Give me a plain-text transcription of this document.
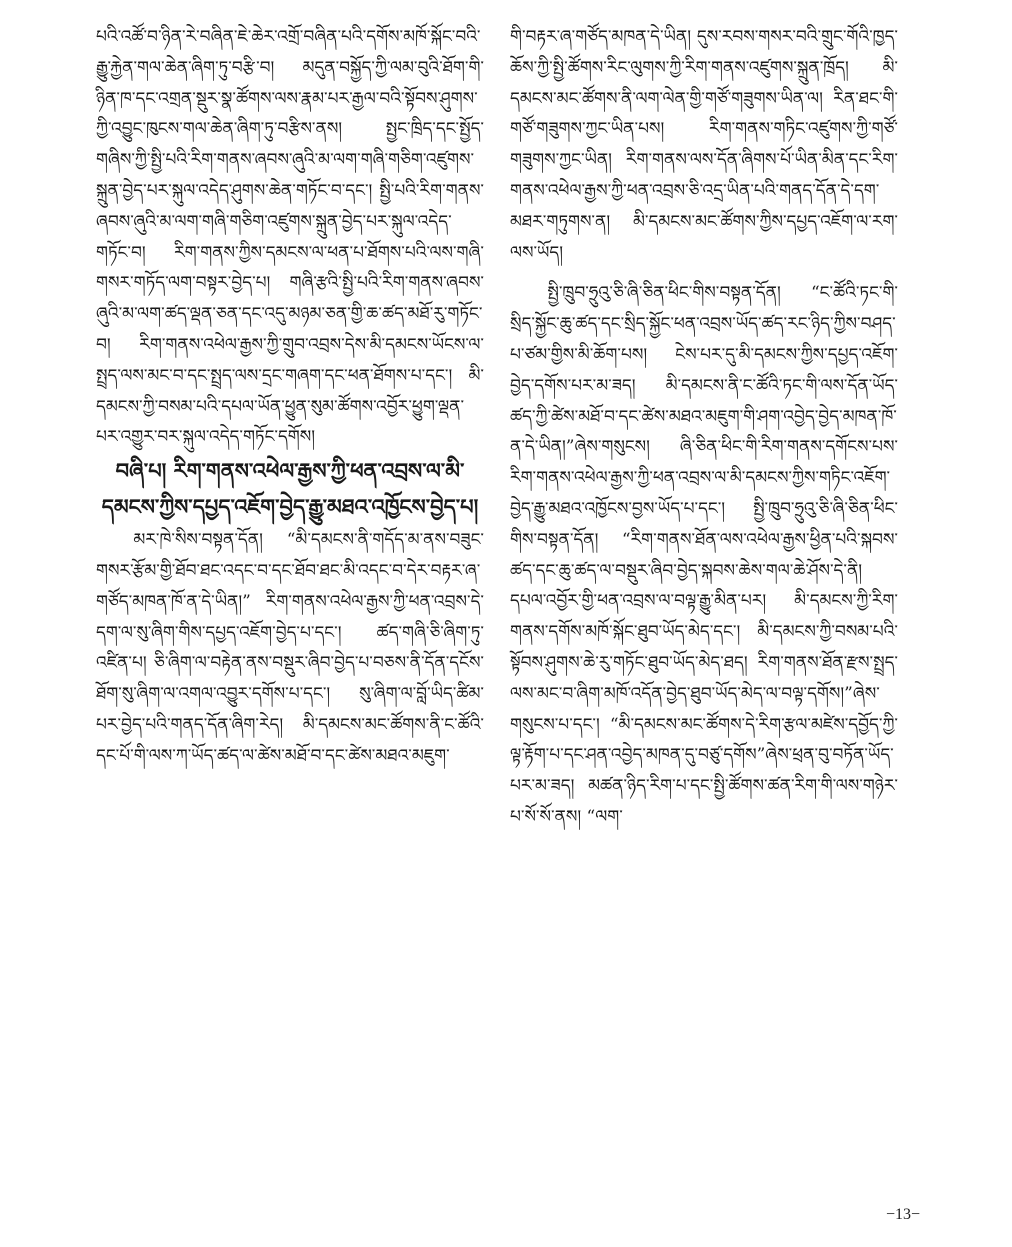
པའི་འཚོ་བ་ཉིན་རེ་བཞིན་ཇེ་ཆེར་འགྲོ་བཞིན་པའི་དགོས་མཁོ་སྐོང་བའི་རྒྱུ་རྐྱེན་གལ་ཆེན་ཞིག་ཏུ་བརྩི་བ། མདུན་བསྐྱོད་ཀྱི་ལམ་བུའི་ཐོག་གི་ཉིན་ཁ་དང་འགྲན་སྡུར་སྣ་ཚོགས་ལས་རྣམ་པར་རྒྱལ་བའི་སྟོབས་ཤུགས་ཀྱི་འབྱུང་ཁུངས་གལ་ཆེན་ཞིག་ཏུ་བརྩིས་ནས། སྤྱང་ཁྲིད་དང་སྤྱོད་གཞིས་ཀྱི་སྤྱི་པའི་རིག་གནས་ཞབས་ཞུའི་མ་ལག་གཞི་གཅིག་འཛུགས་སྐྲུན་བྱེད་པར་སྐུལ་འདེད་ཤུགས་ཆེན་གཏོང་བ་དང་། སྤྱི་པའི་རིག་གནས་ཞབས་ཞུའི་མ་ལག་གཞི་གཅིག་འཛུགས་སྐྲུན་བྱེད་པར་སྐུལ་འདེད་གཏོང་བ། རིག་གནས་ཀྱིས་དམངས་ལ་ཕན་པ་ཐོགས་པའི་ལས་གཞི་གསར་གཏོད་ལག་བསྟར་བྱེད་པ། གཞི་རྩའི་སྤྱི་པའི་རིག་གནས་ཞབས་ཞུའི་མ་ལག་ཚད་ལྡན་ཅན་དང་འདུ་མཉམ་ཅན་གྱི་ཆ་ཚད་མཐོ་རུ་གཏོང་བ། རིག་གནས་འཕེལ་རྒྱས་ཀྱི་གྲུབ་འབྲས་དེས་མི་དམངས་ཡོངས་ལ་སྤྲད་ལས་མང་བ་དང་སྤྲད་ལས་དྲང་གཞག་དང་ཕན་ཐོགས་པ་དང་། མི་དམངས་ཀྱི་བསམ་པའི་དཔལ་ཡོན་ཕྱུན་སུམ་ཚོགས་འབྱོར་ཕྱུག་ལྡན་པར་འགྱུར་བར་སྐུལ་འདེད་གཏོང་དགོས།

བཞི་པ། རིག་གནས་འཕེལ་རྒྱས་ཀྱི་ཕན་འབྲས་ལ་མི་དམངས་ཀྱིས་དཔྱད་འཇོག་བྱེད་རྒྱུ་མཐའ་འཁྱོངས་བྱེད་པ།

མར་ཁེ་སིས་བསྟན་དོན། “མི་དམངས་ནི་གདོད་མ་ནས་བཟུང་གསར་རྩོམ་གྱི་ཐོབ་ཐང་འདང་བ་དང་ཐོབ་ཐང་མི་འདང་བ་དེར་བརྟར་ཞ་གཙོད་མཁན་ཁོ་ན་དེ་ཡིན།” རིག་གནས་འཕེལ་རྒྱས་ཀྱི་ཕན་འབྲས་དེ་དག་ལ་སུ་ཞིག་གིས་དཔྱད་འཇོག་བྱེད་པ་དང་། ཚད་གཞི་ཅི་ཞིག་ཏུ་འཛིན་པ། ཅི་ཞིག་ལ་བརྟེན་ནས་བསྡུར་ཞིབ་བྱེད་པ་བཅས་ནི་དོན་དངོས་ཐོག་སུ་ཞིག་ལ་འགལ་འབྱུར་དགོས་པ་དང་། སུ་ཞིག་ལ་བློ་ཡིད་ཚིམ་པར་བྱེད་པའི་གནད་དོན་ཞིག་རེད། མི་དམངས་མང་ཚོགས་ནི་ང་ཚོའི་དང་པོ་གི་ལས་ཀ་ཡོད་ཚད་ལ་ཚེས་མཐོ་བ་དང་ཚེས་མཐའ་མཇུག་

གི་བརྟར་ཞ་གཙོད་མཁན་དེ་ཡིན། དུས་རབས་གསར་བའི་གྲུང་གོའི་ཁྱད་ཆོས་ཀྱི་སྤྱི་ཚོགས་རིང་ལུགས་ཀྱི་རིག་གནས་འཛུགས་སྐྲུན་ཁྲོད། མི་དམངས་མང་ཚོགས་ནི་ལག་ལེན་གྱི་གཙོ་གཟུགས་ཡིན་ལ། རིན་ཐང་གི་གཙོ་གཟུགས་ཀྱང་ཡིན་པས། རིག་གནས་གཏིང་འཛུགས་ཀྱི་གཙོ་གཟུགས་ཀྱང་ཡིན། རིག་གནས་ལས་དོན་ཞིགས་པོ་ཡིན་མིན་དང་རིག་གནས་འཕེལ་རྒྱས་ཀྱི་ཕན་འབྲས་ཅི་འདྲ་ཡིན་པའི་གནད་དོན་དེ་དག་མཐར་གཏུགས་ན། མི་དམངས་མང་ཚོགས་ཀྱིས་དཔྱད་འཇོག་ལ་རག་ལས་ཡོད།

སྤྱི་ཁྲུབ་ཧྲུའུ་ཅི་ཞི་ཅིན་ཕིང་གིས་བསྟན་དོན། “ང་ཚོའི་ཏང་གི་སྲིད་སྐྱོང་ཆུ་ཚད་དང་སྲིད་སྐྱོང་ཕན་འབྲས་ཡོད་ཚད་རང་ཉིད་ཀྱིས་བཤད་པ་ཙམ་གྱིས་མི་ཆོག་པས། ངེས་པར་དུ་མི་དམངས་ཀྱིས་དཔྱད་འཇོག་བྱེད་དགོས་པར་མ་ཟད། མི་དམངས་ནི་ང་ཚོའི་ཏང་གི་ལས་དོན་ཡོད་ཚད་ཀྱི་ཚེས་མཐོ་བ་དང་ཚེས་མཐའ་མཇུག་གི་ཤག་འབྱེད་བྱེད་མཁན་ཁོ་ན་དེ་ཡིན།”ཞེས་གསུངས། ཞི་ཅིན་ཕིང་གི་རིག་གནས་དགོངས་པས་རིག་གནས་འཕེལ་རྒྱས་ཀྱི་ཕན་འབྲས་ལ་མི་དམངས་ཀྱིས་གཏིང་འཇོག་བྱེད་རྒྱུ་མཐའ་འཁྱོངས་བྱས་ཡོད་པ་དང་། སྤྱི་ཁྲུབ་ཧྲུའུ་ཅི་ཞི་ཅིན་ཕིང་གིས་བསྟན་དོན། “རིག་གནས་ཐོན་ལས་འཕེལ་རྒྱས་ཕྱིན་པའི་སྐབས་ཚད་དང་ཆུ་ཚད་ལ་བསྡུར་ཞིབ་བྱེད་སྐབས་ཆེས་གལ་ཆེ་ཤོས་དེ་ནི། དཔལ་འབྱོར་གྱི་ཕན་འབྲས་ལ་བལྟ་རྒྱུ་མིན་པར། མི་དམངས་ཀྱི་རིག་གནས་དགོས་མཁོ་སྐོང་ཐུབ་ཡོད་མེད་དང་། མི་དམངས་ཀྱི་བསམ་པའི་སྟོབས་ཤུགས་ཆེ་རུ་གཏོང་ཐུབ་ཡོད་མེད་ཐད། རིག་གནས་ཐོན་རྫས་སྤྲད་ལས་མང་བ་ཞིག་མཁོ་འདོན་བྱེད་ཐུབ་ཡོད་མེད་ལ་བལྟ་དགོས།”ཞེས་གསུངས་པ་དང་། “མི་དམངས་མང་ཚོགས་དེ་རིག་རྩལ་མཛེས་དབྱོད་ཀྱི་ལྟ་རྟོག་པ་དང་ཤན་འབྱེད་མཁན་དུ་བཙུ་དགོས”ཞེས་ཕྲན་བུ་བཏོན་ཡོད་པར་མ་ཟད། མཚན་ཉིད་རིག་པ་དང་སྤྱི་ཚོགས་ཚན་རིག་གི་ལས་གཉེར་པ་སོ་སོ་ནས། “ལག་

−13−
